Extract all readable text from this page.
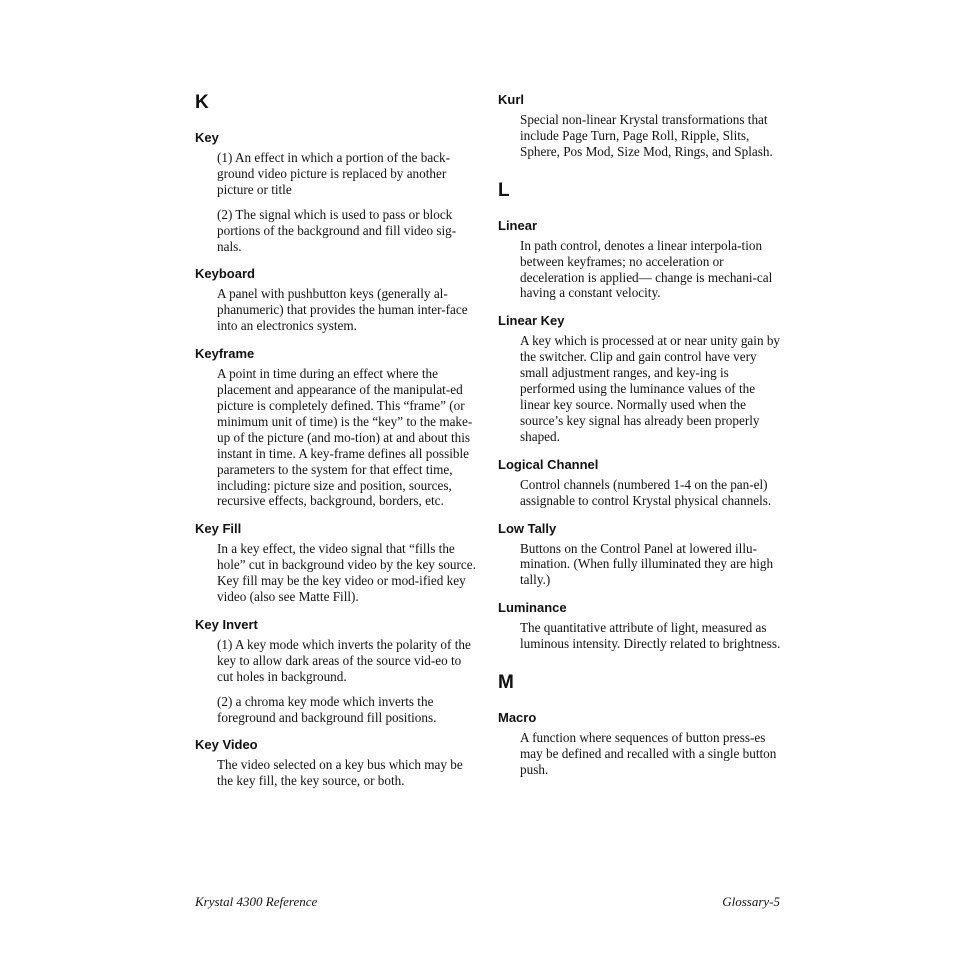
K
Key
(1) An effect in which a portion of the back-ground video picture is replaced by another picture or title
(2) The signal which is used to pass or block portions of the background and fill video sig-nals.
Keyboard
A panel with pushbutton keys (generally al-phanumeric) that provides the human inter-face into an electronics system.
Keyframe
A point in time during an effect where the placement and appearance of the manipulat-ed picture is completely defined. This “frame” (or minimum unit of time) is the “key” to the make-up of the picture (and mo-tion) at and about this instant in time. A key-frame defines all possible parameters to the system for that effect time, including: picture size and position, sources, recursive effects, background, borders, etc.
Key Fill
In a key effect, the video signal that “fills the hole” cut in background video by the key source. Key fill may be the key video or mod-ified key video (also see Matte Fill).
Key Invert
(1) A key mode which inverts the polarity of the key to allow dark areas of the source vid-eo to cut holes in background.
(2) a chroma key mode which inverts the foreground and background fill positions.
Key Video
The video selected on a key bus which may be the key fill, the key source, or both.
Kurl
Special non-linear Krystal transformations that include Page Turn, Page Roll, Ripple, Slits, Sphere, Pos Mod, Size Mod, Rings, and Splash.
L
Linear
In path control, denotes a linear interpola-tion between keyframes; no acceleration or deceleration is applied— change is mechani-cal having a constant velocity.
Linear Key
A key which is processed at or near unity gain by the switcher. Clip and gain control have very small adjustment ranges, and key-ing is performed using the luminance values of the linear key source. Normally used when the source’s key signal has already been properly shaped.
Logical Channel
Control channels (numbered 1-4 on the pan-el) assignable to control Krystal physical channels.
Low Tally
Buttons on the Control Panel at lowered illu-mination. (When fully illuminated they are high tally.)
Luminance
The quantitative attribute of light, measured as luminous intensity. Directly related to brightness.
M
Macro
A function where sequences of button press-es may be defined and recalled with a single button push.
Krystal 4300 Reference	Glossary-5
